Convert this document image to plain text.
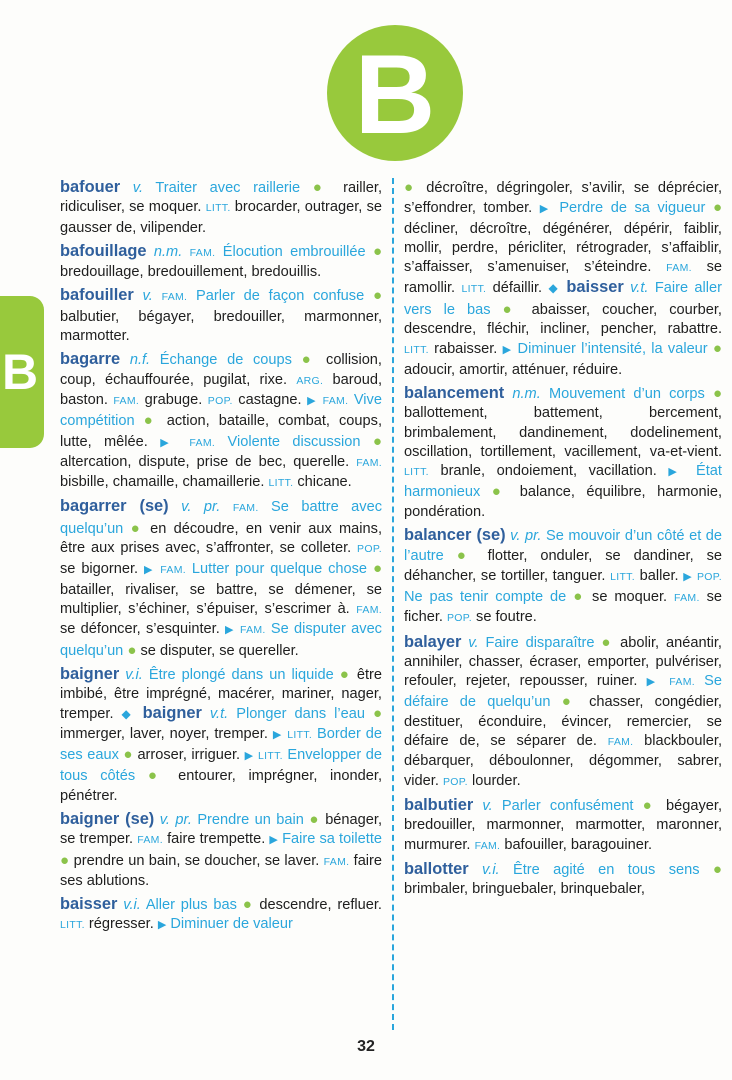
B
B
bafouer v. Traiter avec raillerie ● railler, ridiculiser, se moquer. LITT. brocarder, outrager, se gausser de, vilipender.
bafouillage n.m. FAM. Élocution embrouillée ● bredouillage, bredouillement, bredouillis.
bafouiller v. FAM. Parler de façon confuse ● balbutier, bégayer, bredouiller, marmonner, marmotter.
bagarre n.f. Échange de coups ● collision, coup, échauffourée, pugilat, rixe. ARG. baroud, baston. FAM. grabuge. POP. castagne. ▶ FAM. Vive compétition ● action, bataille, combat, coups, lutte, mêlée. ▶ FAM. Violente discussion ● altercation, dispute, prise de bec, querelle. FAM. bisbille, chamaille, chamaillerie. LITT. chicane.
bagarrer (se) v. pr. FAM. Se battre avec quelqu’un ● en découdre, en venir aux mains, être aux prises avec, s’affronter, se colleter. POP. se bigorner. ▶ FAM. Lutter pour quelque chose ● batailler, rivaliser, se battre, se démener, se multiplier, s’échiner, s’épuiser, s’escrimer à. FAM. se défoncer, s’esquinter. ▶ FAM. Se disputer avec quelqu’un ● se disputer, se quereller.
baigner v.i. Être plongé dans un liquide ● être imbibé, être imprégné, macérer, mariner, nager, tremper. ◆ baigner v.t. Plonger dans l’eau ● immerger, laver, noyer, tremper. ▶ LITT. Border de ses eaux ● arroser, irriguer. ▶ LITT. Envelopper de tous côtés ● entourer, imprégner, inonder, pénétrer.
baigner (se) v. pr. Prendre un bain ● bénager, se tremper. FAM. faire trempette. ▶ Faire sa toilette ● prendre un bain, se doucher, se laver. FAM. faire ses ablutions.
baisser v.i. Aller plus bas ● descendre, refluer. LITT. régresser. ▶ Diminuer de valeur
● décroître, dégringoler, s’avilir, se déprécier, s’effondrer, tomber. ▶ Perdre de sa vigueur ● décliner, décroître, dégénérer, dépérir, faiblir, mollir, perdre, péricliter, rétrograder, s’affaiblir, s’affaisser, s’amenuiser, s’éteindre. FAM. se ramollir. LITT. défaillir. ◆ baisser v.t. Faire aller vers le bas ● abaisser, coucher, courber, descendre, fléchir, incliner, pencher, rabattre. LITT. rabaisser. ▶ Diminuer l’intensité, la valeur ● adoucir, amortir, atténuer, réduire.
balancement n.m. Mouvement d’un corps ● ballottement, battement, bercement, brimbalement, dandinement, dodelinement, oscillation, tortillement, vacillement, va-et-vient. LITT. branle, ondoiement, vacillation. ▶ État harmonieux ● balance, équilibre, harmonie, pondération.
balancer (se) v. pr. Se mouvoir d’un côté et de l’autre ● flotter, onduler, se dandiner, se déhancher, se tortiller, tanguer. LITT. baller. ▶ POP. Ne pas tenir compte de ● se moquer. FAM. se ficher. POP. se foutre.
balayer v. Faire disparaître ● abolir, anéantir, annihiler, chasser, écraser, emporter, pulvériser, refouler, rejeter, repousser, ruiner. ▶ FAM. Se défaire de quelqu’un ● chasser, congédier, destituer, éconduire, évincer, remercier, se défaire de, se séparer de. FAM. blackbouler, débarquer, déboulonner, dégommer, sabrer, vider. POP. lourder.
balbutier v. Parler confusément ● bégayer, bredouiller, marmonner, marmotter, maronner, murmurer. FAM. bafouiller, baragouiner.
ballotter v.i. Être agité en tous sens ● brimbaler, bringuebaler, brinquebaler,
32
